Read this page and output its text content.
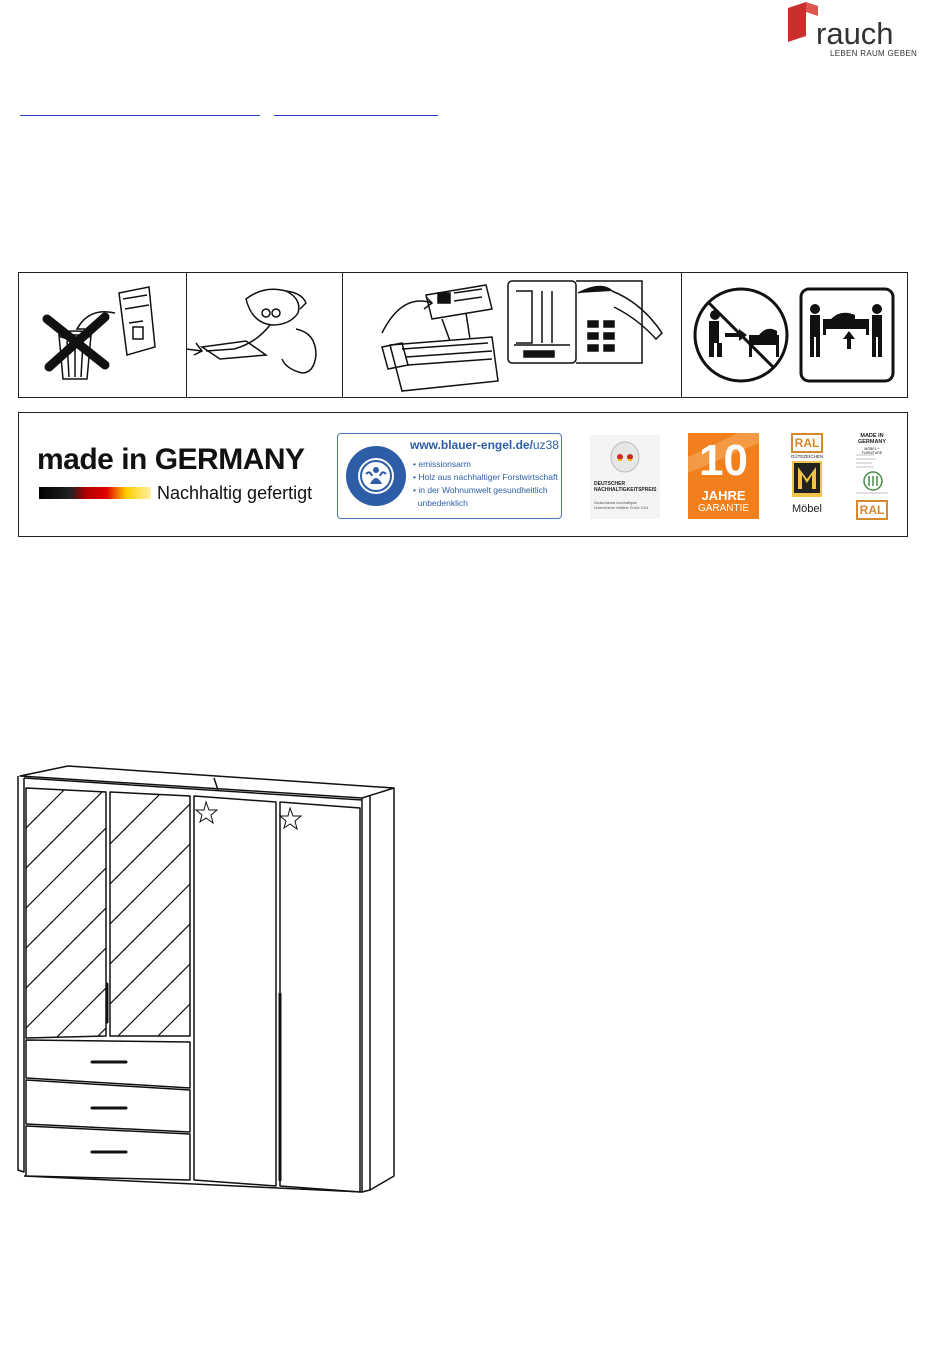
rauch
LEBEN RAUM GEBEN
made in GERMANY
Nachhaltig gefertigt
www.blauer-engel.de/uz38
• emissionsarm
• Holz aus nachhaltiger Forstwirtschaft
• in der Wohnumwelt gesundheitlich
unbedenklich
DEUTSCHER
NACHHALTIGKEITSPREIS
Deutschlands nachhaltigste Unternehmen mittlerer Größe 2014
10
JAHRE
GARANTIE
RAL
GÜTEZEICHEN
Möbel
MADE IN
GERMANY
MÖBEL + FURNITURE
RAL
